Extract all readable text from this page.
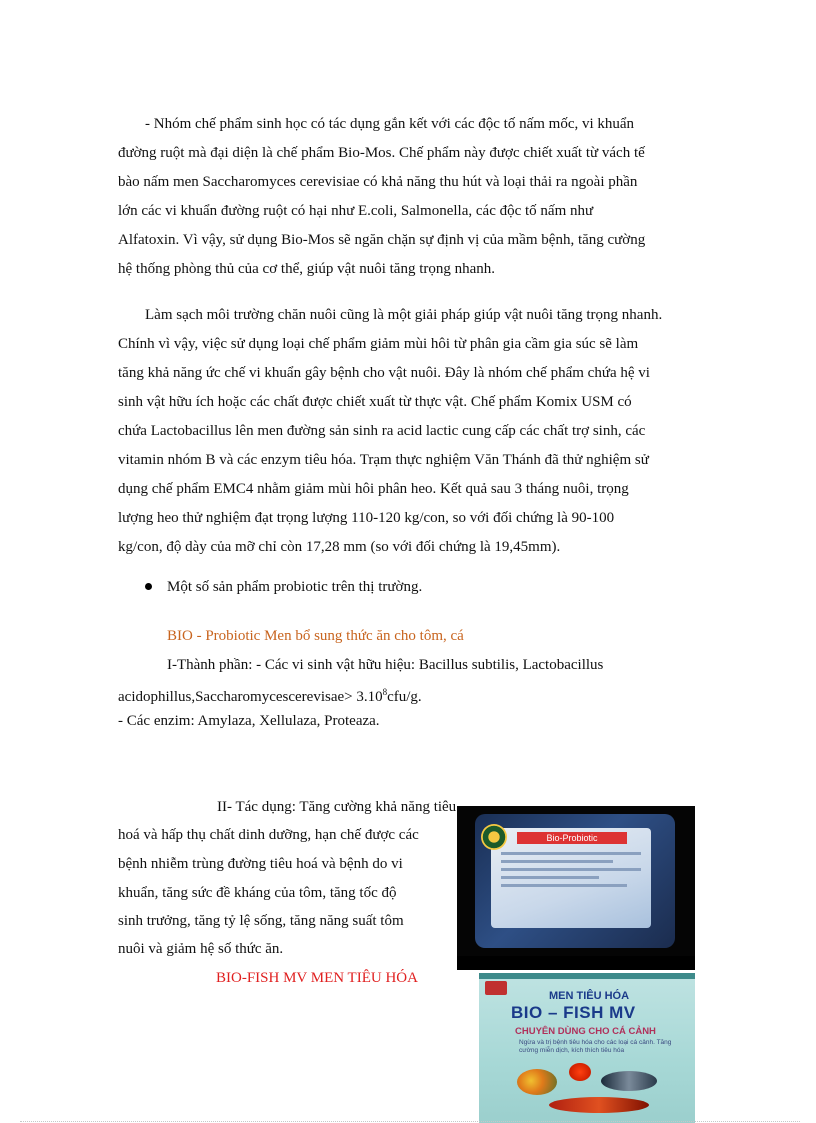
- Nhóm chế phẩm sinh học có tác dụng gắn kết với các độc tố nấm mốc, vi khuẩn
đường ruột mà đại diện là chế phẩm Bio-Mos. Chế phẩm này được chiết xuất từ vách tế
bào nấm men Saccharomyces cerevisiae có khả năng thu hút và loại thải ra ngoài phần
lớn các vi khuẩn đường ruột có hại như E.coli, Salmonella, các độc tố nấm như
Alfatoxin. Vì vậy, sử dụng Bio-Mos sẽ ngăn chặn sự định vị của mầm bệnh, tăng cường
hệ thống phòng thủ của cơ thể, giúp vật nuôi tăng trọng nhanh.
Làm sạch môi trường chăn nuôi cũng là một giải pháp giúp vật nuôi tăng trọng nhanh.
Chính vì vậy, việc sử dụng loại chế phẩm giảm mùi hôi từ phân gia cầm gia súc sẽ làm
tăng khả năng ức chế vi khuẩn gây bệnh cho vật nuôi. Đây là nhóm chế phẩm chứa hệ vi
sinh vật hữu ích hoặc các chất được chiết xuất từ thực vật. Chế phẩm Komix USM có
chứa Lactobacillus lên men đường sản sinh ra acid lactic cung cấp các chất trợ sinh, các
vitamin nhóm B và các enzym tiêu hóa. Trạm thực nghiệm Văn Thánh đã thử nghiệm sử
dụng chế phẩm EMC4 nhằm giảm mùi hôi phân heo. Kết quả sau 3 tháng nuôi, trọng
lượng heo thử nghiệm đạt trọng lượng 110-120 kg/con, so với đối chứng là 90-100
kg/con, độ dày của mỡ chỉ còn 17,28 mm (so với đối chứng là 19,45mm).
Một số sản phẩm probiotic trên thị trường.
BIO - Probiotic Men bổ sung thức ăn cho tôm, cá
I-Thành phần: - Các vi sinh vật hữu hiệu: Bacillus subtilis, Lactobacillus
acidophillus,Saccharomycescerevisae> $3.10^8cfu/g$.
- Các enzim: Amylaza, Xellulaza, Proteaza.
II- Tác dụng: Tăng cường khả năng tiêu
hoá và hấp thụ chất dinh dưỡng, hạn chế được các
bệnh nhiễm trùng đường tiêu hoá và bệnh do vi
khuẩn, tăng sức đề kháng của tôm, tăng tốc độ
sinh trưởng, tăng tỷ lệ sống, tăng năng suất tôm
nuôi và giảm hệ số thức ăn.
Bio-Probiotic
BIO-FISH MV MEN TIÊU HÓA
MEN TIÊU HÓA
BIO – FISH MV
CHUYÊN DÙNG CHO CÁ CẢNH
Ngừa và trị bệnh tiêu hóa cho các loại cá cảnh. Tăng cường miễn dịch, kích thích tiêu hóa
